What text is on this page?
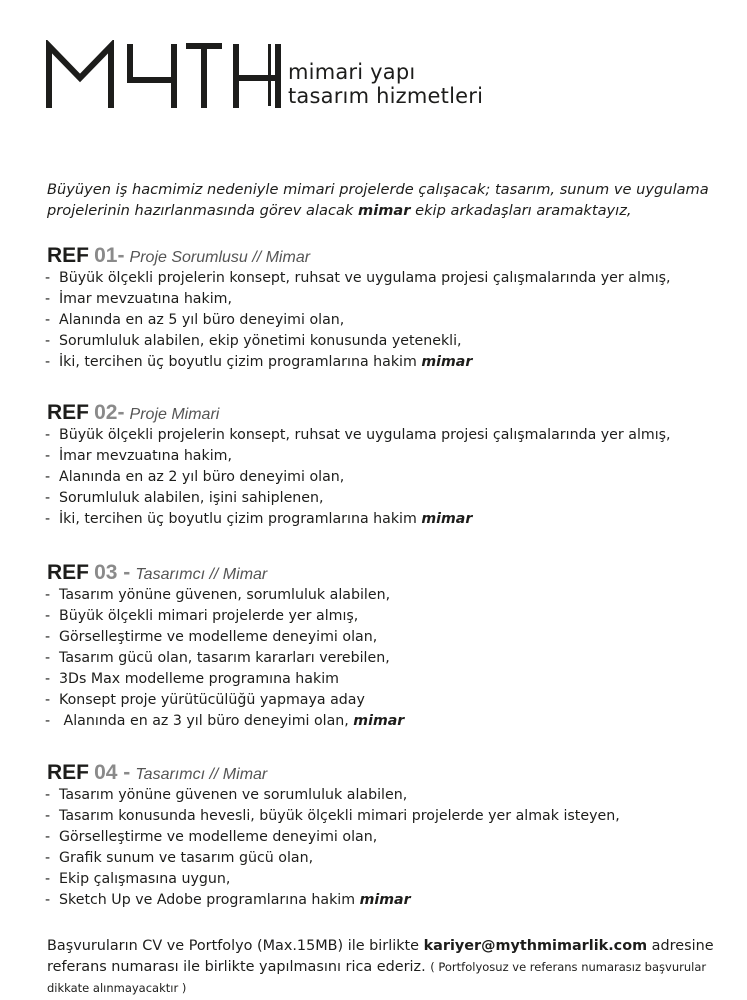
mimari yapı
tasarım hizmetleri
Büyüyen iş hacmimiz nedeniyle mimari projelerde çalışacak; tasarım, sunum ve uygulama projelerinin hazırlanmasında görev alacak mimar ekip arkadaşları aramaktayız,
REF 01- Proje Sorumlusu // Mimar
- Büyük ölçekli projelerin konsept, ruhsat ve uygulama projesi çalışmalarında yer almış,
- İmar mevzuatına hakim,
- Alanında en az 5 yıl büro deneyimi olan,
- Sorumluluk alabilen, ekip yönetimi konusunda yetenekli,
- İki, tercihen üç boyutlu çizim programlarına hakim mimar
REF 02- Proje Mimari
- Büyük ölçekli projelerin konsept, ruhsat ve uygulama projesi çalışmalarında yer almış,
- İmar mevzuatına hakim,
- Alanında en az 2 yıl büro deneyimi olan,
- Sorumluluk alabilen, işini sahiplenen,
- İki, tercihen üç boyutlu çizim programlarına hakim mimar
REF 03 - Tasarımcı // Mimar
- Tasarım yönüne güvenen, sorumluluk alabilen,
- Büyük ölçekli mimari projelerde yer almış,
- Görselleştirme ve modelleme deneyimi olan,
- Tasarım gücü olan, tasarım kararları verebilen,
- 3Ds Max modelleme programına hakim
- Konsept proje yürütücülüğü yapmaya aday
- Alanında en az 3 yıl büro deneyimi olan, mimar
REF 04 - Tasarımcı // Mimar
- Tasarım yönüne güvenen ve sorumluluk alabilen,
- Tasarım konusunda hevesli, büyük ölçekli mimari projelerde yer almak isteyen,
- Görselleştirme ve modelleme deneyimi olan,
- Grafik sunum ve tasarım gücü olan,
- Ekip çalışmasına uygun,
- Sketch Up ve Adobe programlarına hakim mimar
Başvuruların CV ve Portfolyo (Max.15MB) ile birlikte kariyer@mythmimarlik.com adresine referans numarası ile birlikte yapılmasını rica ederiz. ( Portfolyosuz ve referans numarasız başvurular dikkate alınmayacaktır )
